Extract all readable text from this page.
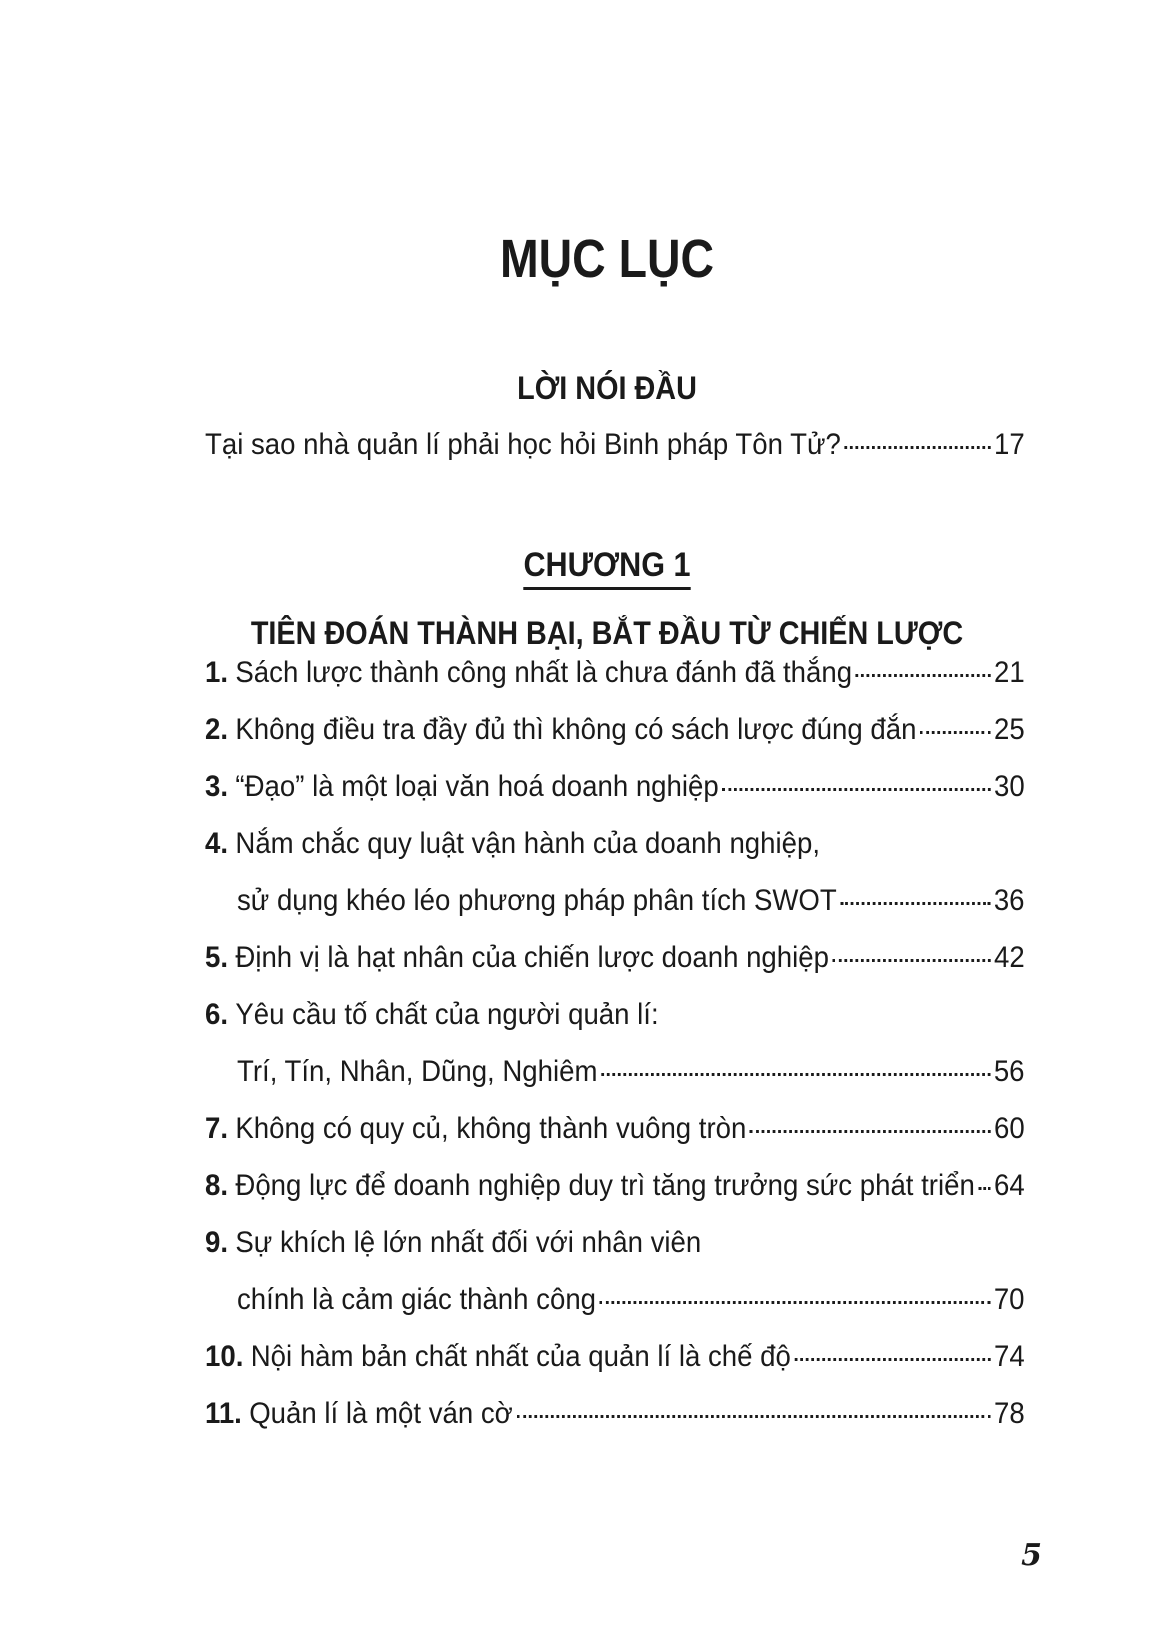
MỤC LỤC
LỜI NÓI ĐẦU
Tại sao nhà quản lí phải học hỏi Binh pháp Tôn Tử?	17
CHƯƠNG 1
TIÊN ĐOÁN THÀNH BẠI, BẮT ĐẦU TỪ CHIẾN LƯỢC
1. Sách lược thành công nhất là chưa đánh đã thắng	21
2. Không điều tra đầy đủ thì không có sách lược đúng đắn	25
3. “Đạo” là một loại văn hoá doanh nghiệp	30
4. Nắm chắc quy luật vận hành của doanh nghiệp,
sử dụng khéo léo phương pháp phân tích SWOT	36
5. Định vị là hạt nhân của chiến lược doanh nghiệp	42
6. Yêu cầu tố chất của người quản lí:
Trí, Tín, Nhân, Dũng, Nghiêm	56
7. Không có quy củ, không thành vuông tròn	60
8. Động lực để doanh nghiệp duy trì tăng trưởng sức phát triển 64
9. Sự khích lệ lớn nhất đối với nhân viên
chính là cảm giác thành công	70
10. Nội hàm bản chất nhất của quản lí là chế độ	74
11. Quản lí là một ván cờ	78
5
